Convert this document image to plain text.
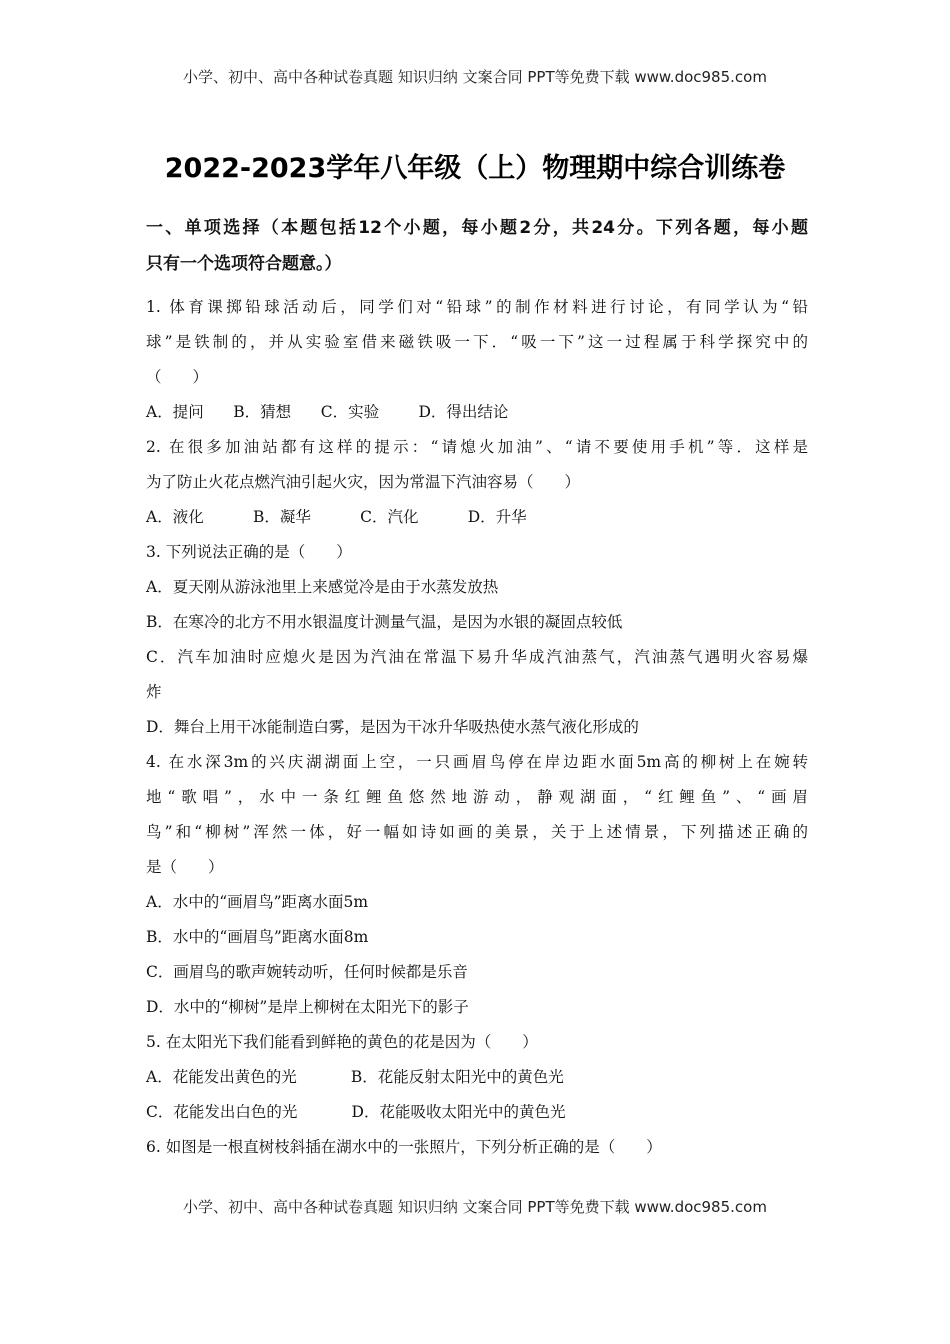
小学、初中、高中各种试卷真题 知识归纳 文案合同 PPT等免费下载 www.doc985.com
2022-2023学年八年级（上）物理期中综合训练卷
一、单项选择（本题包括12个小题，每小题2分，共24分。下列各题，每小题
只有一个选项符合题意。）
1. 体育课掷铅球活动后，同学们对“铅球”的制作材料进行讨论，有同学认为“铅
球”是铁制的，并从实验室借来磁铁吸一下．“吸一下”这一过程属于科学探究中的
（　　）
A．提问      B．猜想      C．实验        D．得出结论
2. 在很多加油站都有这样的提示：“请熄火加油”、“请不要使用手机”等．这样是
为了防止火花点燃汽油引起火灾，因为常温下汽油容易（　　）
A．液化          B．凝华          C．汽化          D．升华
3. 下列说法正确的是（　　）
A．夏天刚从游泳池里上来感觉冷是由于水蒸发放热
B．在寒冷的北方不用水银温度计测量气温，是因为水银的凝固点较低
C．汽车加油时应熄火是因为汽油在常温下易升华成汽油蒸气，汽油蒸气遇明火容易爆
炸
D．舞台上用干冰能制造白雾，是因为干冰升华吸热使水蒸气液化形成的
4. 在水深3m的兴庆湖湖面上空，一只画眉鸟停在岸边距水面5m高的柳树上在婉转
地“歌唱”，水中一条红鲤鱼悠然地游动，静观湖面，“红鲤鱼”、“画眉
鸟”和“柳树”浑然一体，好一幅如诗如画的美景，关于上述情景，下列描述正确的
是（　　）
A．水中的“画眉鸟”距离水面5m
B．水中的“画眉鸟”距离水面8m
C．画眉鸟的歌声婉转动听，任何时候都是乐音
D．水中的“柳树”是岸上柳树在太阳光下的影子
5. 在太阳光下我们能看到鲜艳的黄色的花是因为（　　）
A．花能发出黄色的光           B．花能反射太阳光中的黄色光
C．花能发出白色的光           D．花能吸收太阳光中的黄色光
6. 如图是一根直树枝斜插在湖水中的一张照片，下列分析正确的是（　　）
小学、初中、高中各种试卷真题 知识归纳 文案合同 PPT等免费下载 www.doc985.com
